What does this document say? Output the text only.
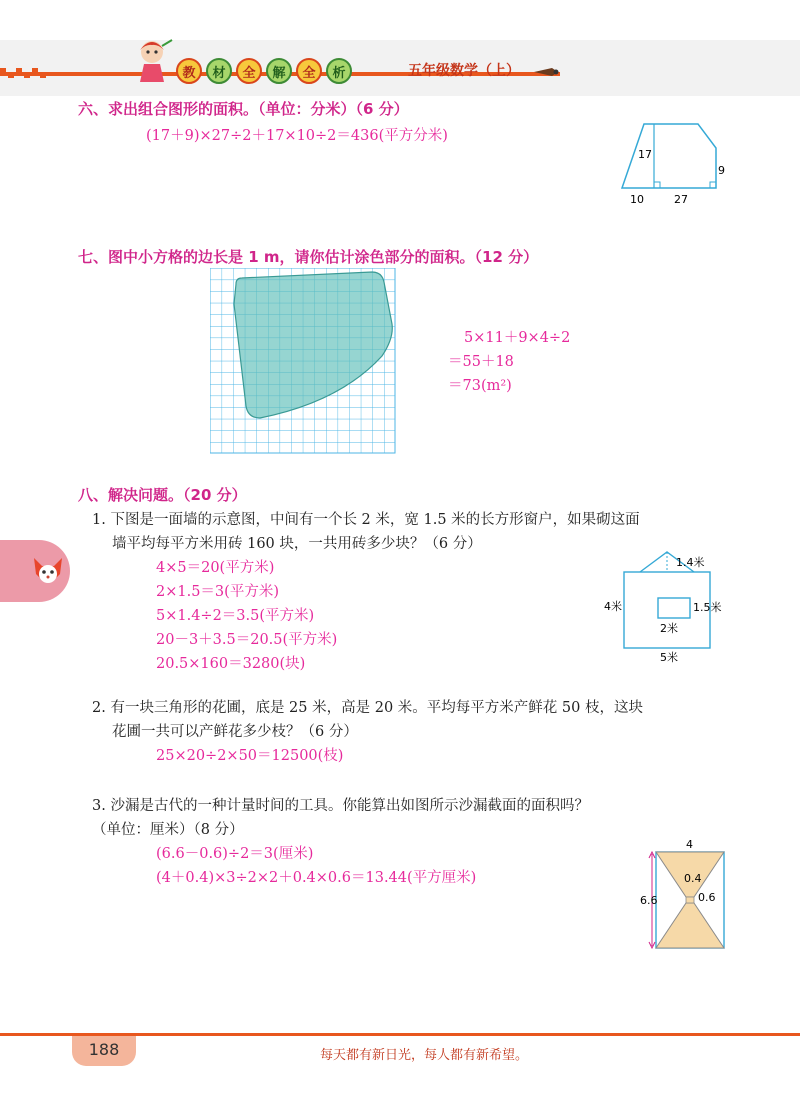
教	材	全	解	全	析	五年级数学（上）
六、求出组合图形的面积。（单位：分米）（6 分）
(17＋9)×27÷2＋17×10÷2＝436(平方分米)
17
9
10	27
七、图中小方格的边长是 1 m，请你估计涂色部分的面积。（12 分）
5×11＋9×4÷2
＝55＋18
＝73(m²)
八、解决问题。（20 分）
1. 下图是一面墙的示意图，中间有一个长 2 米，宽 1.5 米的长方形窗户，如果砌这面
墙平均每平方米用砖 160 块，一共用砖多少块？（6 分）
4×5＝20(平方米)
2×1.5＝3(平方米)
5×1.4÷2＝3.5(平方米)
20－3＋3.5＝20.5(平方米)
20.5×160＝3280(块)
1.4米
4米	1.5米
2米
5米
2. 有一块三角形的花圃，底是 25 米，高是 20 米。平均每平方米产鲜花 50 枝，这块
花圃一共可以产鲜花多少枝？（6 分）
25×20÷2×50＝12500(枝)
3. 沙漏是古代的一种计量时间的工具。你能算出如图所示沙漏截面的面积吗？
（单位：厘米）（8 分）
(6.6－0.6)÷2＝3(厘米)
(4＋0.4)×3÷2×2＋0.4×0.6＝13.44(平方厘米)
4
0.4
0.6
6.6
188	每天都有新日光，每人都有新希望。
